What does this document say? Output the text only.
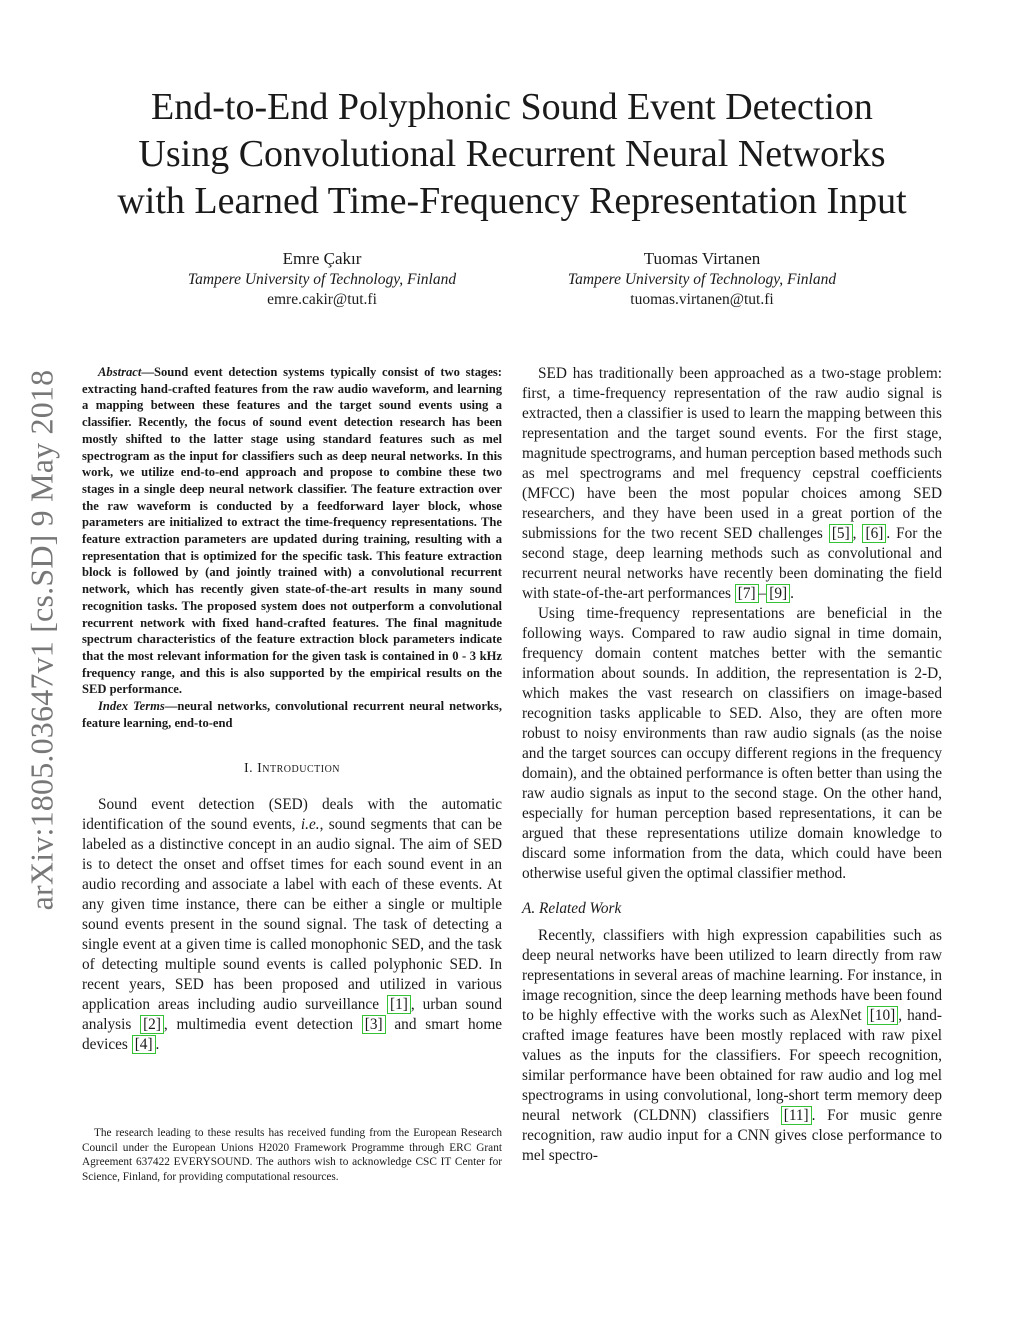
End-to-End Polyphonic Sound Event Detection
Using Convolutional Recurrent Neural Networks
with Learned Time-Frequency Representation Input
Emre Çakır
Tampere University of Technology, Finland
emre.cakir@tut.fi
Tuomas Virtanen
Tampere University of Technology, Finland
tuomas.virtanen@tut.fi
arXiv:1805.03647v1 [cs.SD] 9 May 2018	Abstract—Sound event detection systems typically consist of two stages: extracting hand-crafted features from the raw audio waveform, and learning a mapping between these features and the target sound events using a classifier. Recently, the focus of sound event detection research has been mostly shifted to the latter stage using standard features such as mel spectrogram as the input for classifiers such as deep neural networks. In this work, we utilize end-to-end approach and propose to combine these two stages in a single deep neural network classifier. The feature extraction over the raw waveform is conducted by a feedforward layer block, whose parameters are initialized to extract the time-frequency representations. The feature extraction parameters are updated during training, resulting with a representation that is optimized for the specific task. This feature extraction block is followed by (and jointly trained with) a convolutional recurrent network, which has recently given state-of-the-art results in many sound recognition tasks. The proposed system does not outperform a convolutional recurrent network with fixed hand-crafted features. The final magnitude spectrum characteristics of the feature extraction block parameters indicate that the most relevant information for the given task is contained in 0 - 3 kHz frequency range, and this is also supported by the empirical results on the SED performance.

Index Terms—neural networks, convolutional recurrent neural networks, feature learning, end-to-end

I. Introduction

Sound event detection (SED) deals with the automatic identification of the sound events, i.e., sound segments that can be labeled as a distinctive concept in an audio signal. The aim of SED is to detect the onset and offset times for each sound event in an audio recording and associate a label with each of these events. At any given time instance, there can be either a single or multiple sound events present in the sound signal. The task of detecting a single event at a given time is called monophonic SED, and the task of detecting multiple sound events is called polyphonic SED. In recent years, SED has been proposed and utilized in various application areas including audio surveillance [1] , urban sound analysis [2] , multimedia event detection [3] and smart home devices [4] .

The research leading to these results has received funding from the European Research Council under the European Unions H2020 Framework Programme through ERC Grant Agreement 637422 EVERYSOUND. The authors wish to acknowledge CSC IT Center for Science, Finland, for providing computational resources.

SED has traditionally been approached as a two-stage problem: first, a time-frequency representation of the raw audio signal is extracted, then a classifier is used to learn the mapping between this representation and the target sound events. For the first stage, magnitude spectrograms, and human perception based methods such as mel spectrograms and mel frequency cepstral coefficients (MFCC) have been the most popular choices among SED researchers, and they have been used in a great portion of the submissions for the two recent SED challenges [5] , [6] . For the second stage, deep learning methods such as convolutional and recurrent neural networks have recently been dominating the field with state-of-the-art performances [7] – [9] .

Using time-frequency representations are beneficial in the following ways. Compared to raw audio signal in time domain, frequency domain content matches better with the semantic information about sounds. In addition, the representation is 2-D, which makes the vast research on classifiers on image-based recognition tasks applicable to SED. Also, they are often more robust to noisy environments than raw audio signals (as the noise and the target sources can occupy different regions in the frequency domain), and the obtained performance is often better than using the raw audio signals as input to the second stage. On the other hand, especially for human perception based representations, it can be argued that these representations utilize domain knowledge to discard some information from the data, which could have been otherwise useful given the optimal classifier method.

A. Related Work

Recently, classifiers with high expression capabilities such as deep neural networks have been utilized to learn directly from raw representations in several areas of machine learning. For instance, in image recognition, since the deep learning methods have been found to be highly effective with the works such as AlexNet [10] , hand-crafted image features have been mostly replaced with raw pixel values as the inputs for the classifiers. For speech recognition, similar performance have been obtained for raw audio and log mel spectrograms in using convolutional, long-short term memory deep neural network (CLDNN) classifiers [11] . For music genre recognition, raw audio input for a CNN gives close performance to mel spectro-
